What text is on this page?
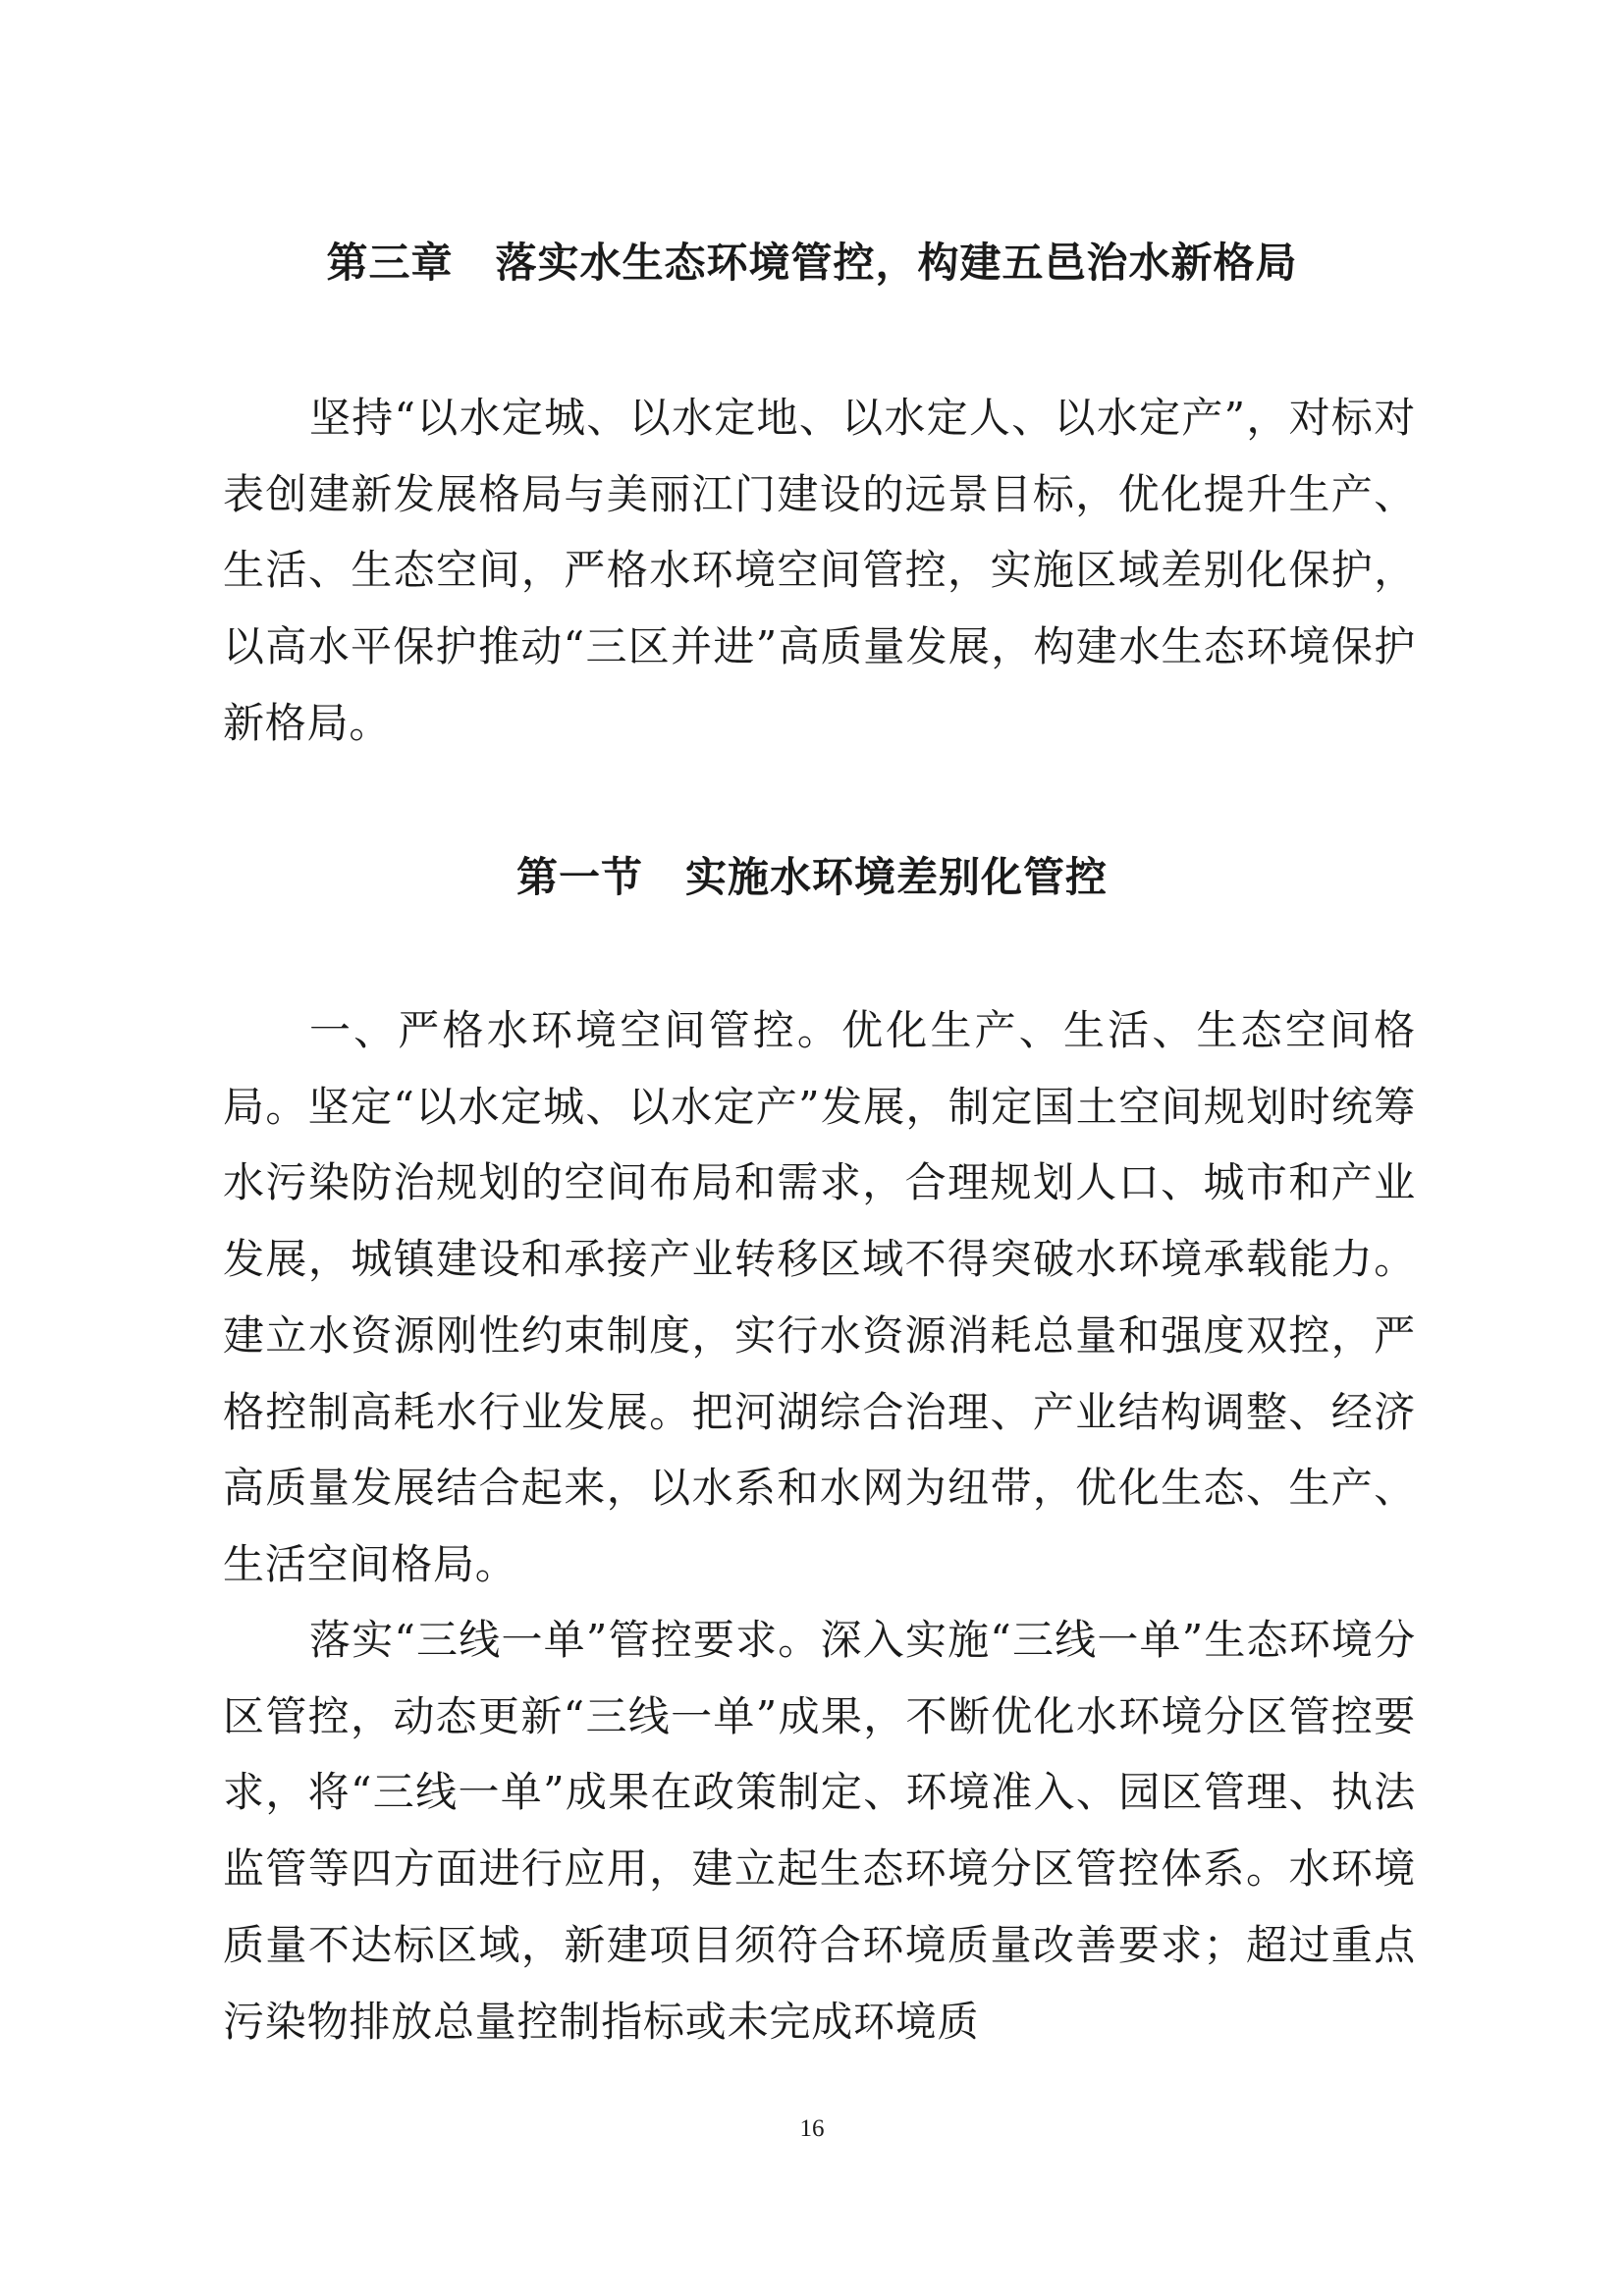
第三章　落实水生态环境管控，构建五邑治水新格局

坚持“以水定城、以水定地、以水定人、以水定产”，对标对表创建新发展格局与美丽江门建设的远景目标，优化提升生产、生活、生态空间，严格水环境空间管控，实施区域差别化保护，以高水平保护推动“三区并进”高质量发展，构建水生态环境保护新格局。

第一节　实施水环境差别化管控

一、严格水环境空间管控。优化生产、生活、生态空间格局。坚定“以水定城、以水定产”发展，制定国土空间规划时统筹水污染防治规划的空间布局和需求，合理规划人口、城市和产业发展，城镇建设和承接产业转移区域不得突破水环境承载能力。建立水资源刚性约束制度，实行水资源消耗总量和强度双控，严格控制高耗水行业发展。把河湖综合治理、产业结构调整、经济高质量发展结合起来，以水系和水网为纽带，优化生态、生产、生活空间格局。

落实“三线一单”管控要求。深入实施“三线一单”生态环境分区管控，动态更新“三线一单”成果，不断优化水环境分区管控要求，将“三线一单”成果在政策制定、环境准入、园区管理、执法监管等四方面进行应用，建立起生态环境分区管控体系。水环境质量不达标区域，新建项目须符合环境质量改善要求；超过重点污染物排放总量控制指标或未完成环境质

16
